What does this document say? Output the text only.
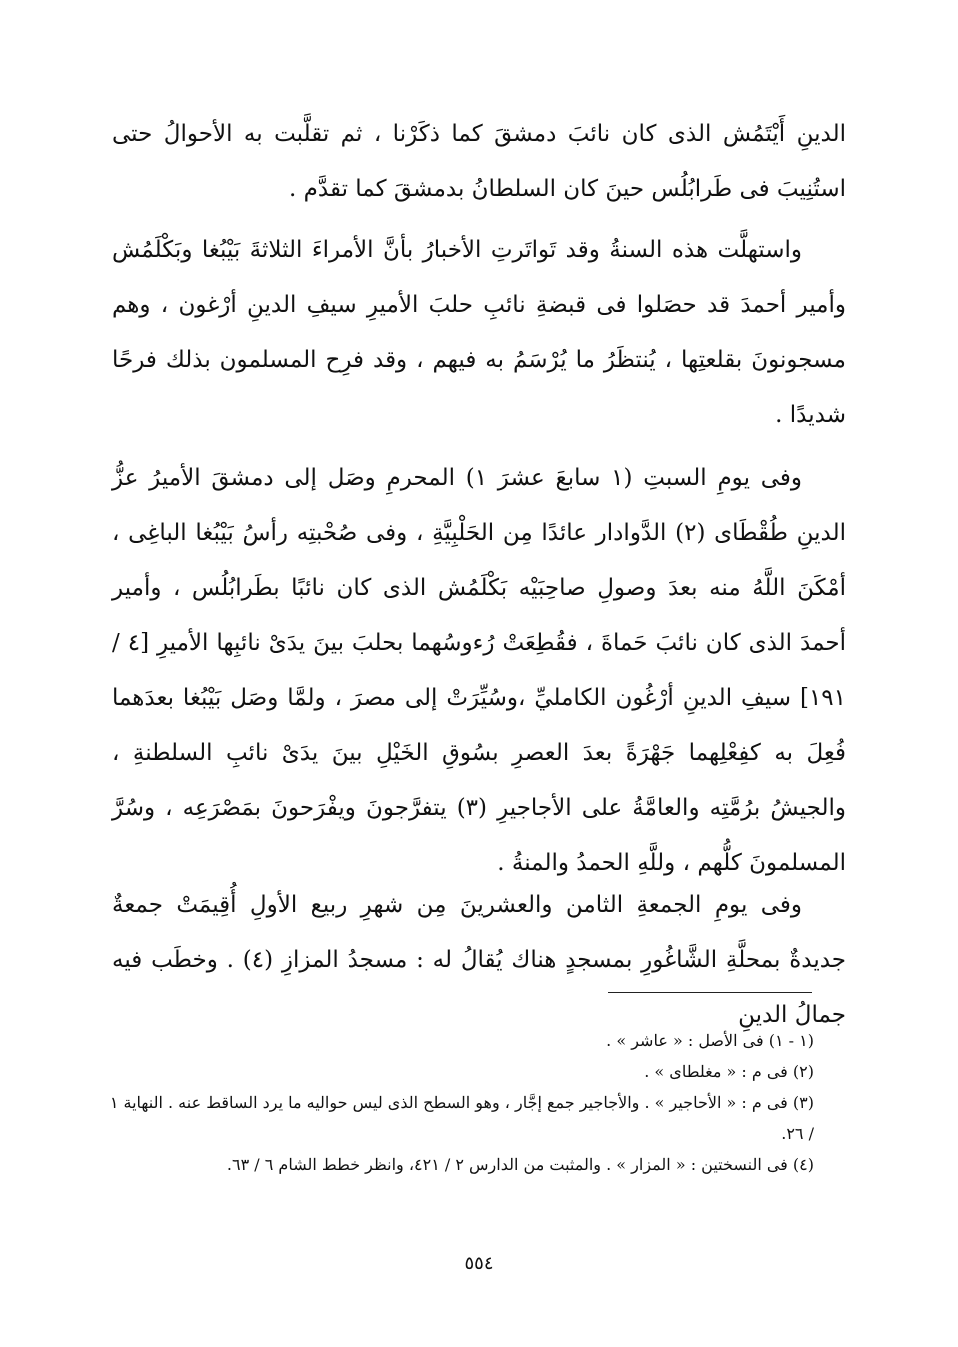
الدينِ أَيْتَمُش الذى كان نائبَ دمشقَ كما ذكَرْنا ، ثم تقلَّبت به الأحوالُ حتى استُنِيبَ فى طَرابُلُس حينَ كان السلطانُ بدمشقَ كما تقدَّم .

واستهلَّت هذه السنةُ وقد تَواتَرتِ الأخبارُ بأنَّ الأمراءَ الثلاثةَ بَيْبُغا وبَكْلَمُش وأمير أحمدَ قد حصَلوا فى قبضةِ نائبِ حلبَ الأميرِ سيفِ الدينِ أرْغون ، وهم مسجونونَ بقلعتِها ، يُنتظَرُ ما يُرْسَمُ به فيهم ، وقد فرِح المسلمون بذلك فرحًا شديدًا .

وفى يومِ السبتِ (١ سابعَ عشرَ ١) المحرمِ وصَل إلى دمشقَ الأميرُ عزُّ الدينِ طُقْطَاى (٢) الدَّوادار عائدًا مِن الحَلْبِيَّةِ ، وفى صُحْبتِه رأسُ بَيْبُغا الباغِى ، أمْكَنَ اللَّهُ منه بعدَ وصولِ صاحِبَيْه بَكْلَمُش الذى كان نائبًا بطَرابُلُس ، وأمير أحمدَ الذى كان نائبَ حَماةَ ، فقُطِعَتْ رُءوسُهما بحلبَ بينَ يدَىْ نائبِها الأميرِ [٤ / ١٩١] سيفِ الدينِ أرْغُون الكامليِّ ،وسُيِّرَتْ إلى مصرَ ، ولمَّا وصَل بَيْبُغا بعدَهما فُعِلَ به كفِعْلِهما جَهْرَةً بعدَ العصرِ بسُوقِ الخَيْلِ بينَ يدَىْ نائبِ السلطنةِ ، والجيشُ برُمَّتِه والعامَّةُ على الأجاجيرِ (٣) يتفرَّجونَ ويفْرَحونَ بمَصْرَعِه ، وسُرَّ المسلمونَ كلُّهم ، وللَّهِ الحمدُ والمنةُ .

وفى يومِ الجمعةِ الثامن والعشرينَ مِن شهرِ ربيع الأولِ أُقِيمَتْ جمعةٌ جديدةٌ بمحلَّةِ الشَّاغُورِ بمسجدٍ هناك يُقالُ له : مسجدُ المزازِ (٤) . وخطَب فيه جمالُ الدينِ

(١ - ١) فى الأصل : « عاشر » .

(٢) فى م : « مغلطاى » .

(٣) فى م : « الأحاجير » . والأجاجير جمع إجَّار ، وهو السطح الذى ليس حواليه ما يرد الساقط عنه . النهاية ١ / ٢٦.

(٤) فى النسختين : « المزار » . والمثبت من الدارس ٢ / ٤٢١، وانظر خطط الشام ٦ / ٦٣.

٥٥٤
